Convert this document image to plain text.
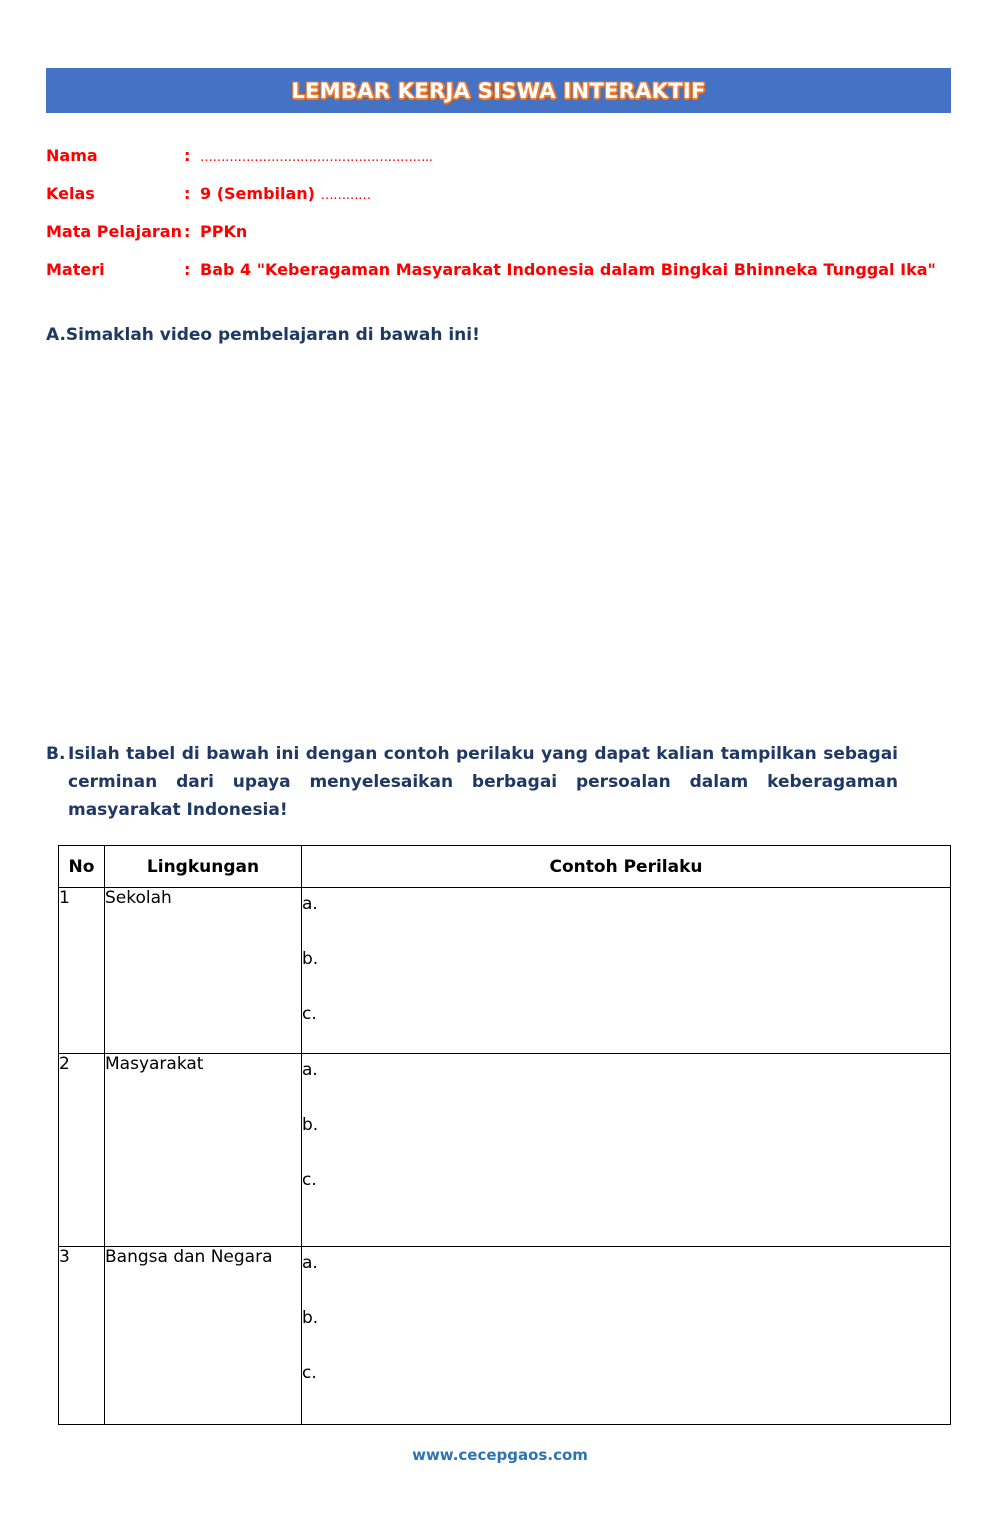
LEMBAR KERJA SISWA INTERAKTIF
Nama	: ………………………………………………..
Kelas	: 9 (Sembilan) …………
Mata Pelajaran : PPKn
Materi	: Bab 4 "Keberagaman Masyarakat Indonesia dalam Bingkai Bhinneka Tunggal Ika"
A.Simaklah video pembelajaran di bawah ini!
B. Isilah tabel di bawah ini dengan contoh perilaku yang dapat kalian tampilkan sebagai cerminan dari upaya menyelesaikan berbagai persoalan dalam keberagaman masyarakat Indonesia!
No	Lingkungan	Contoh Perilaku
1	Sekolah	a.
b.
c.

2	Masyarakat	a.
b.
c.

3	Bangsa dan Negara	a.
b.
c.
www.cecepgaos.com
